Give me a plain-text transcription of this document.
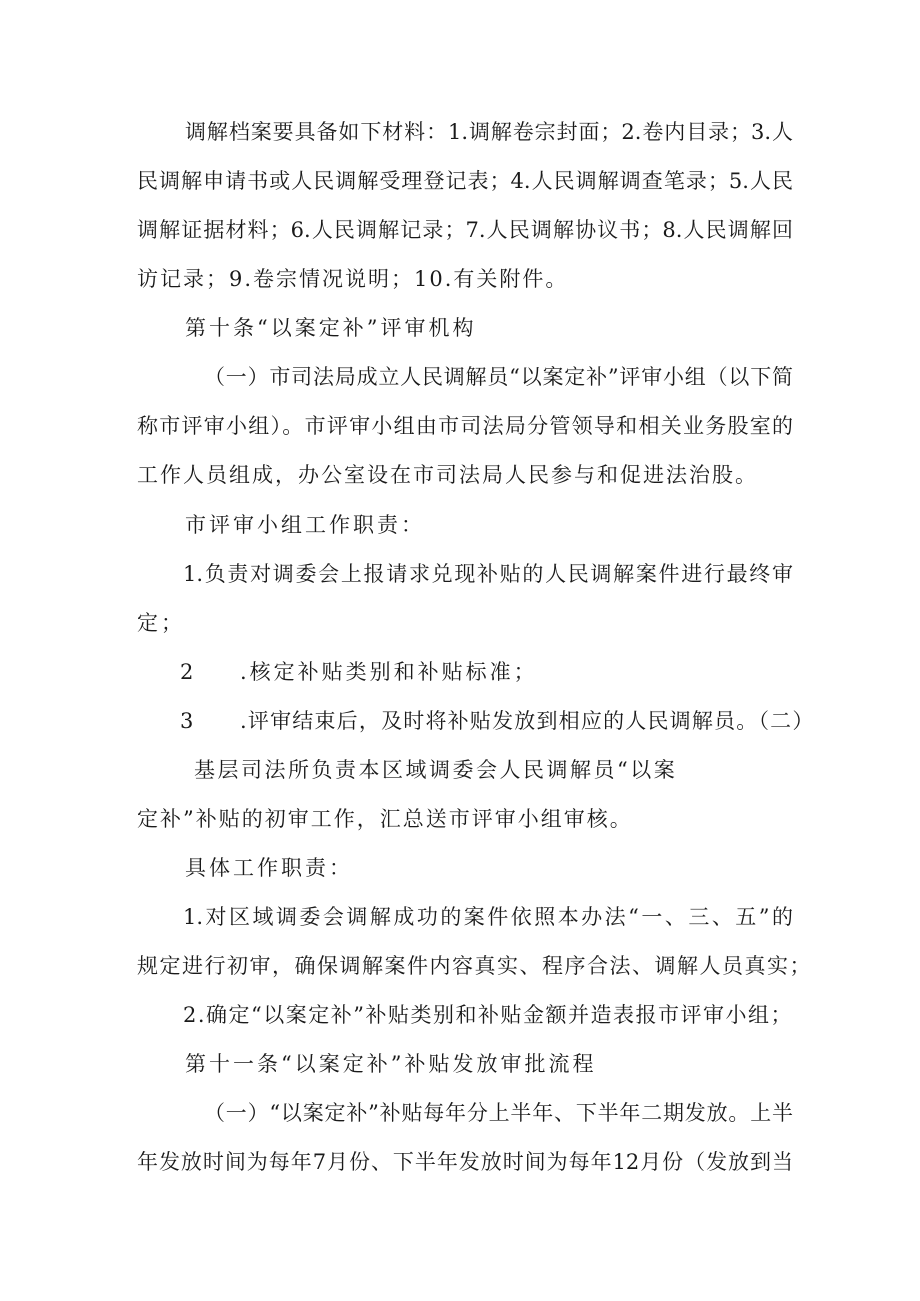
调解档案要具备如下材料：1.调解卷宗封面；2.卷内目录；3.人
民调解申请书或人民调解受理登记表；4.人民调解调查笔录；5.人民
调解证据材料；6.人民调解记录；7.人民调解协议书；8.人民调解回
访记录；9.卷宗情况说明；10.有关附件。
第十条“以案定补”评审机构
（一）市司法局成立人民调解员“以案定补”评审小组（以下简
称市评审小组）。市评审小组由市司法局分管领导和相关业务股室的
工作人员组成，办公室设在市司法局人民参与和促进法治股。
市评审小组工作职责：
1.负责对调委会上报请求兑现补贴的人民调解案件进行最终审
定；
2 .核定补贴类别和补贴标准；
3 .评审结束后，及时将补贴发放到相应的人民调解员。（二）
基层司法所负责本区域调委会人民调解员“以案
定补”补贴的初审工作，汇总送市评审小组审核。
具体工作职责：
1.对区域调委会调解成功的案件依照本办法“一、三、五”的
规定进行初审，确保调解案件内容真实、程序合法、调解人员真实；
2.确定“以案定补”补贴类别和补贴金额并造表报市评审小组；
第十一条“以案定补”补贴发放审批流程
（一）“以案定补”补贴每年分上半年、下半年二期发放。上半
年发放时间为每年7月份、下半年发放时间为每年12月份（发放到当
